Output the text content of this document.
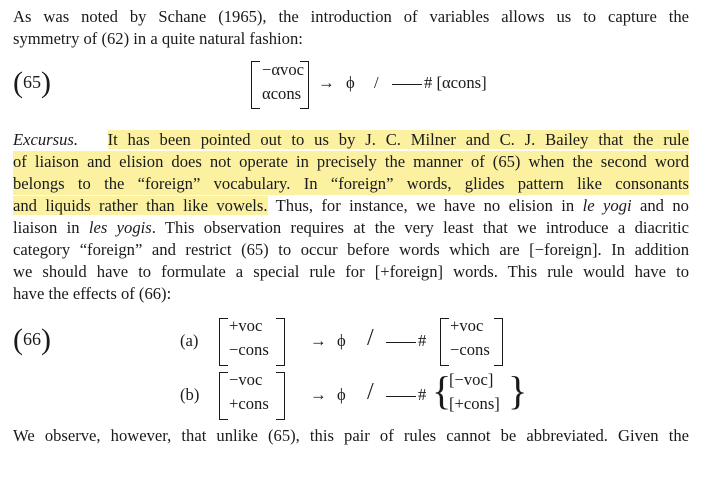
As was noted by Schane (1965), the introduction of variables allows us to capture the
symmetry of (62) in a quite natural fashion:
(65)	−αvoc
αcons
→ ϕ /	# [αcons]
Excursus. It has been pointed out to us by J. C. Milner and C. J. Bailey that the rule
of liaison and elision does not operate in precisely the manner of (65) when the second word
belongs to the “foreign” vocabulary. In “foreign” words, glides pattern like consonants
and liquids rather than like vowels. Thus, for instance, we have no elision in le yogi and no
liaison in les yogis. This observation requires at the very least that we introduce a diacritic
category “foreign” and restrict (65) to occur before words which are [−foreign]. In addition
we should have to formulate a special rule for [+foreign] words. This rule would have to
have the effects of (66):
(66)	(a)
+voc
−cons → ϕ /	#
+voc
−cons
(b)
−voc
+cons → ϕ /	# {
[−voc]
[+cons] }
We observe, however, that unlike (65), this pair of rules cannot be abbreviated. Given the
